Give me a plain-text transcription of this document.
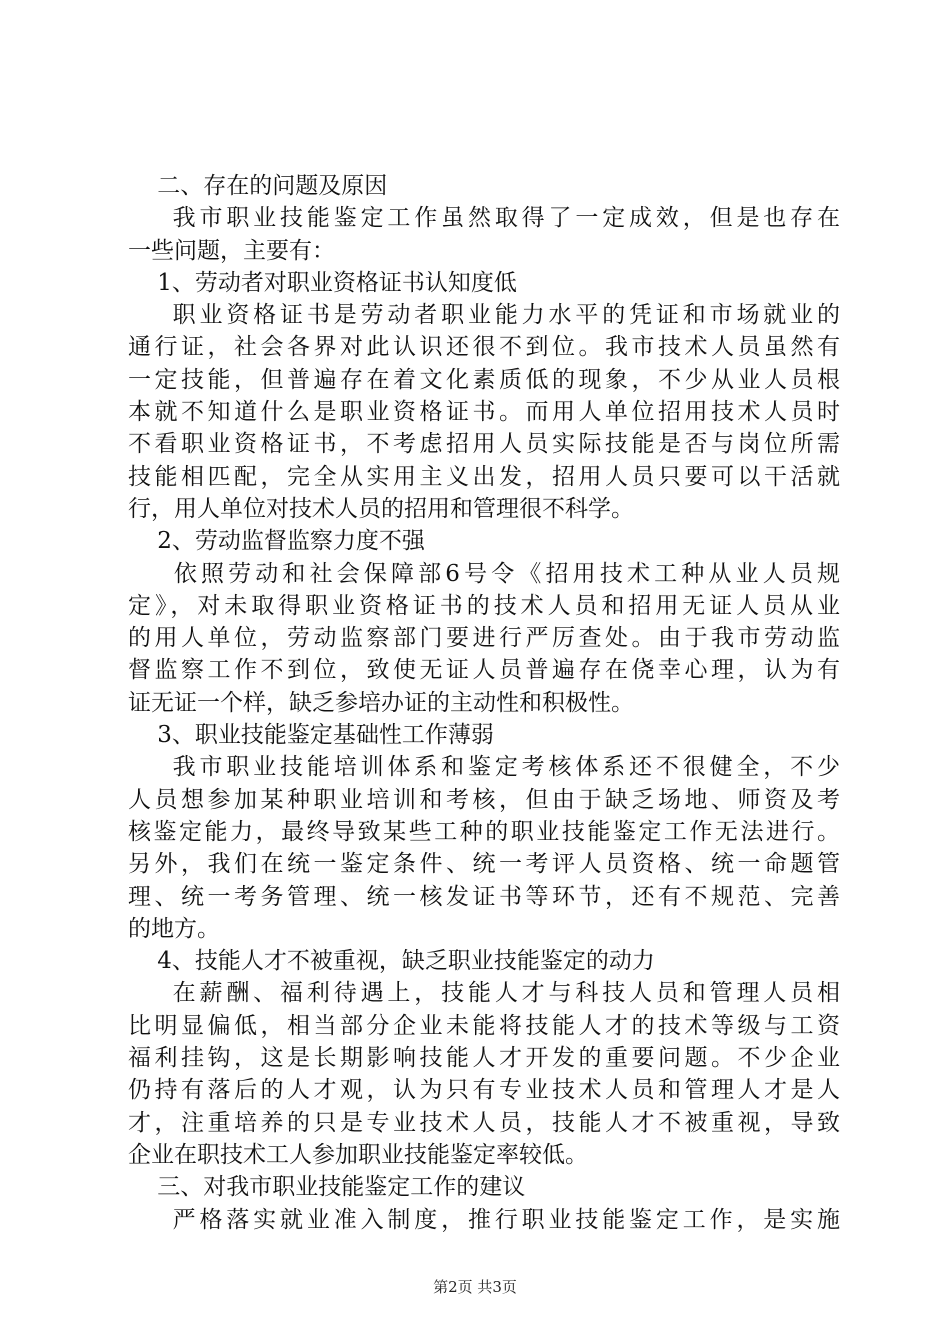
二、存在的问题及原因
我市职业技能鉴定工作虽然取得了一定成效，但是也存在
一些问题，主要有：
1、劳动者对职业资格证书认知度低
职业资格证书是劳动者职业能力水平的凭证和市场就业的
通行证，社会各界对此认识还很不到位。我市技术人员虽然有
一定技能，但普遍存在着文化素质低的现象，不少从业人员根
本就不知道什么是职业资格证书。而用人单位招用技术人员时
不看职业资格证书，不考虑招用人员实际技能是否与岗位所需
技能相匹配，完全从实用主义出发，招用人员只要可以干活就
行，用人单位对技术人员的招用和管理很不科学。
2、劳动监督监察力度不强
依照劳动和社会保障部6号令《招用技术工种从业人员规
定》，对未取得职业资格证书的技术人员和招用无证人员从业
的用人单位，劳动监察部门要进行严厉查处。由于我市劳动监
督监察工作不到位，致使无证人员普遍存在侥幸心理，认为有
证无证一个样，缺乏参培办证的主动性和积极性。
3、职业技能鉴定基础性工作薄弱
我市职业技能培训体系和鉴定考核体系还不很健全，不少
人员想参加某种职业培训和考核，但由于缺乏场地、师资及考
核鉴定能力，最终导致某些工种的职业技能鉴定工作无法进行。
另外，我们在统一鉴定条件、统一考评人员资格、统一命题管
理、统一考务管理、统一核发证书等环节，还有不规范、完善
的地方。
4、技能人才不被重视，缺乏职业技能鉴定的动力
在薪酬、福利待遇上，技能人才与科技人员和管理人员相
比明显偏低，相当部分企业未能将技能人才的技术等级与工资
福利挂钩，这是长期影响技能人才开发的重要问题。不少企业
仍持有落后的人才观，认为只有专业技术人员和管理人才是人
才，注重培养的只是专业技术人员，技能人才不被重视，导致
企业在职技术工人参加职业技能鉴定率较低。
三、对我市职业技能鉴定工作的建议
严格落实就业准入制度，推行职业技能鉴定工作，是实施
第2页 共3页
